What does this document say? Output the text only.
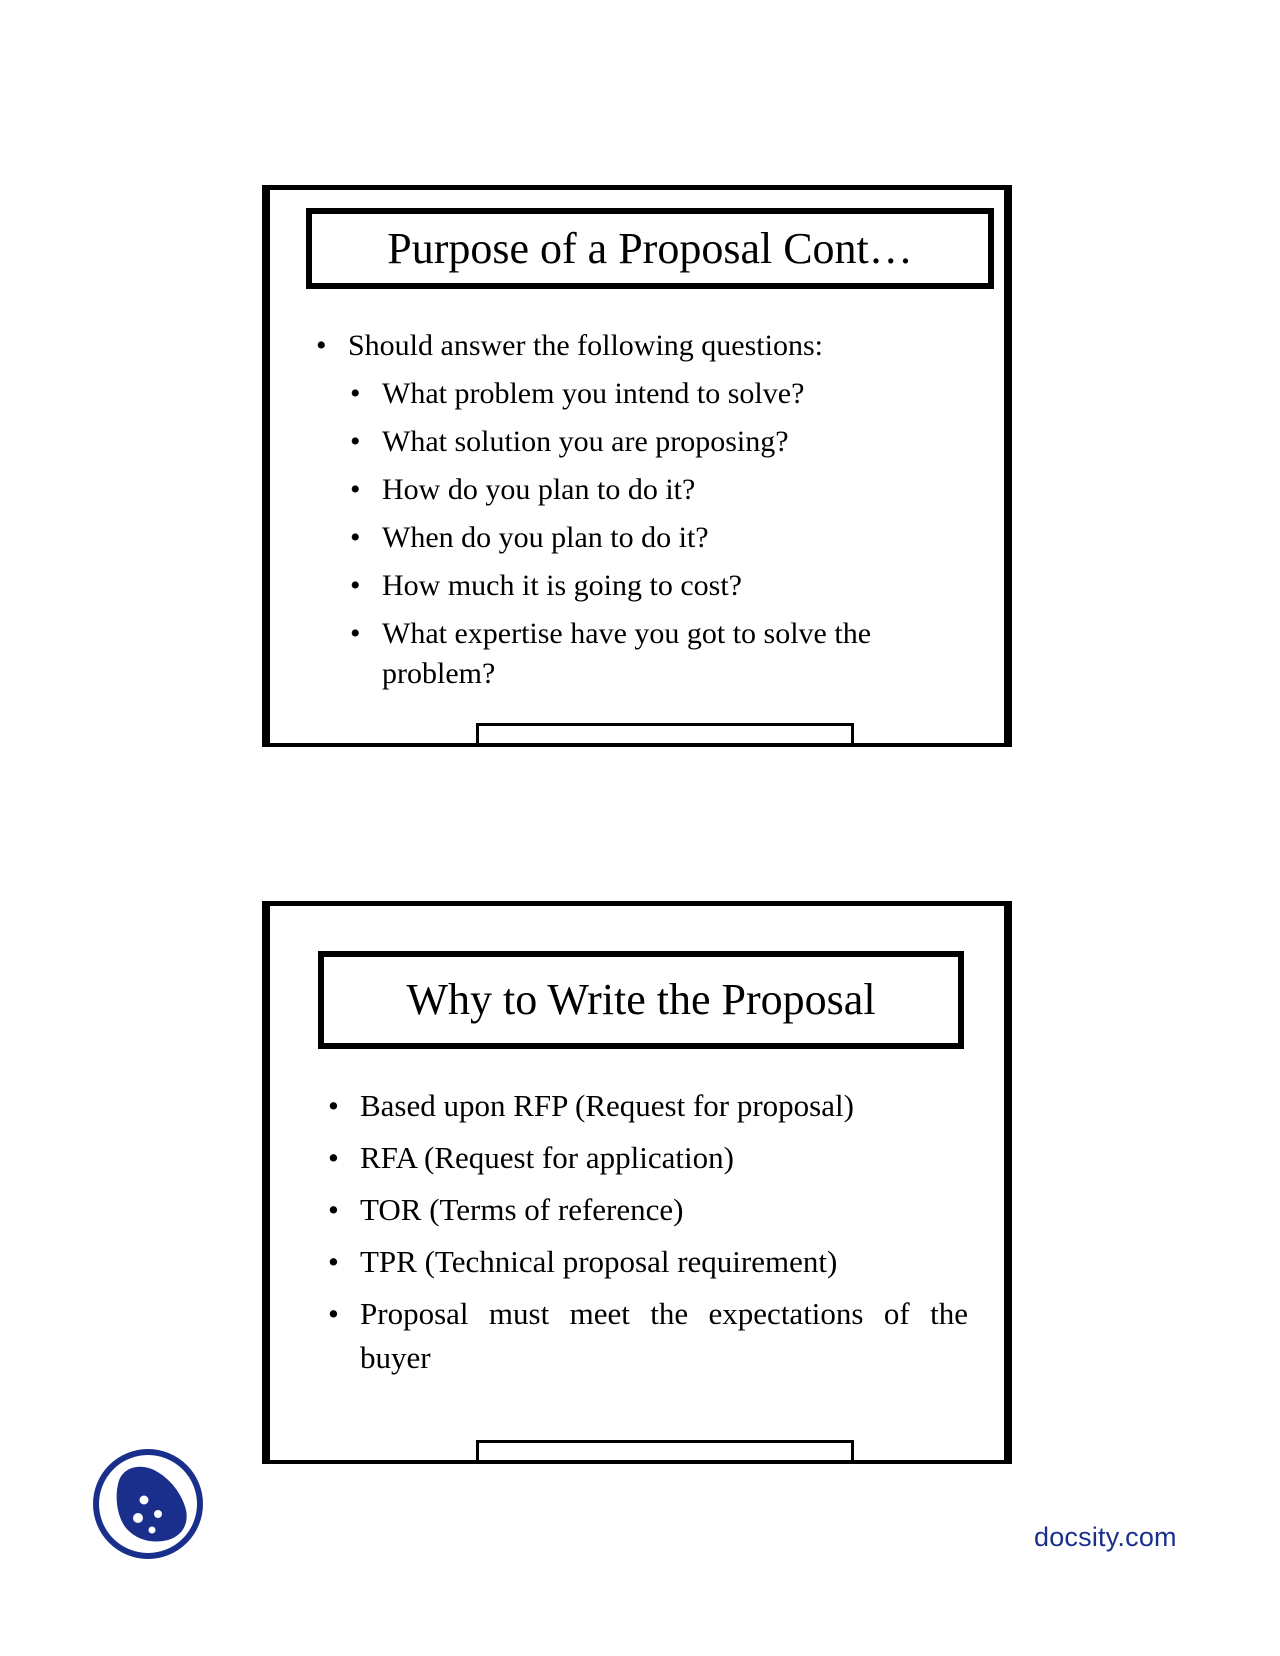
Purpose of a Proposal Cont…
• Should answer the following questions:
• What problem you intend to solve?
• What solution you are proposing?
• How do you plan to do it?
• When do you plan to do it?
• How much it is going to cost?
• What expertise have you got to solve the problem?
Why to Write the Proposal
• Based upon RFP (Request for proposal)
• RFA (Request for application)
• TOR (Terms of reference)
• TPR (Technical proposal requirement)
• Proposal must meet the expectations of the buyer
docsity.com
